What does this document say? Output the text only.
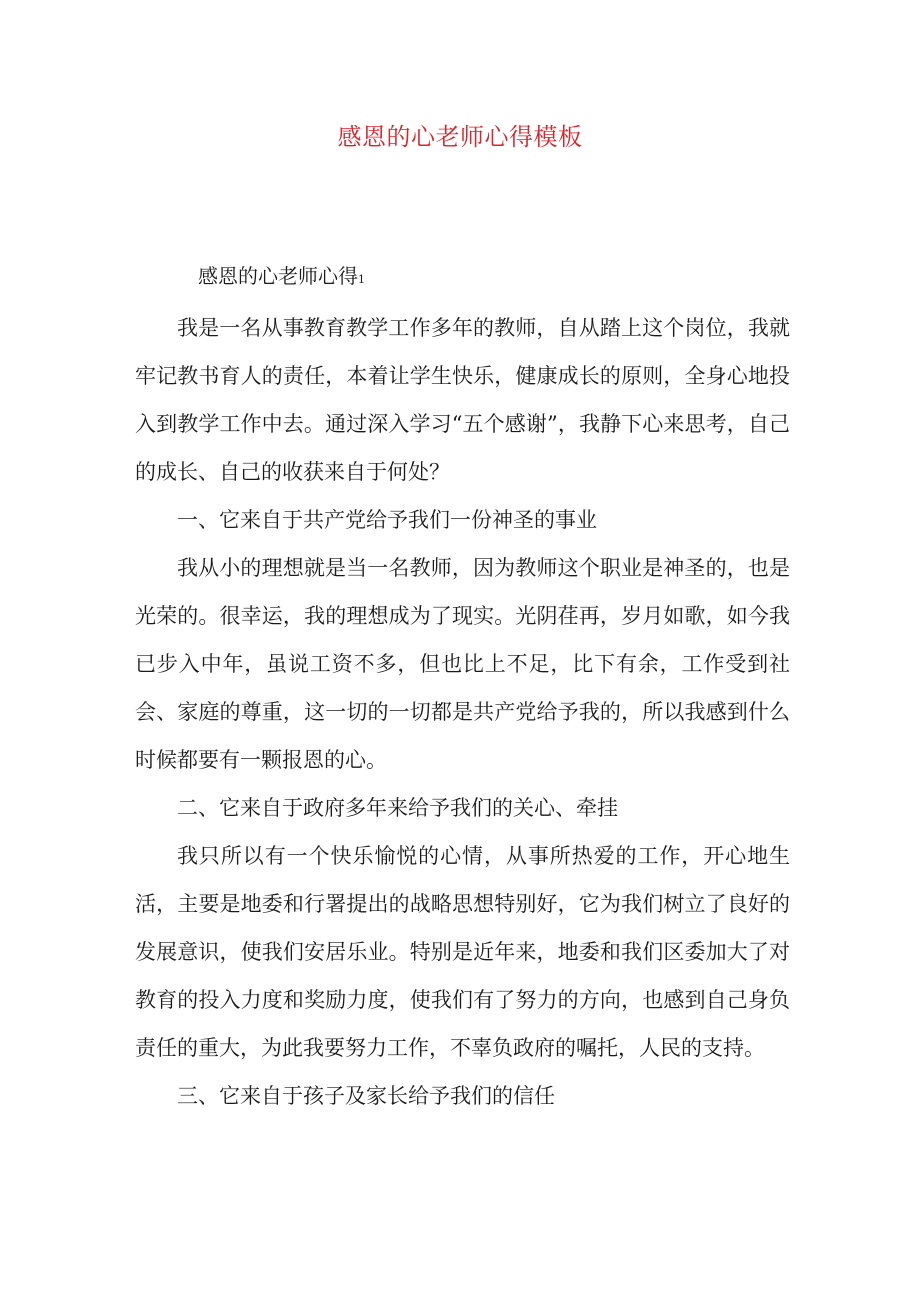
感恩的心老师心得模板

感恩的心老师心得1

我是一名从事教育教学工作多年的教师，自从踏上这个岗位，我就牢记教书育人的责任，本着让学生快乐，健康成长的原则，全身心地投入到教学工作中去。通过深入学习“五个感谢”，我静下心来思考，自己的成长、自己的收获来自于何处？

一、它来自于共产党给予我们一份神圣的事业

我从小的理想就是当一名教师，因为教师这个职业是神圣的，也是光荣的。很幸运，我的理想成为了现实。光阴荏再，岁月如歌，如今我已步入中年，虽说工资不多，但也比上不足，比下有余，工作受到社会、家庭的尊重，这一切的一切都是共产党给予我的，所以我感到什么时候都要有一颗报恩的心。

二、它来自于政府多年来给予我们的关心、牵挂

我只所以有一个快乐愉悦的心情，从事所热爱的工作，开心地生活，主要是地委和行署提出的战略思想特别好，它为我们树立了良好的发展意识，使我们安居乐业。特别是近年来，地委和我们区委加大了对教育的投入力度和奖励力度，使我们有了努力的方向，也感到自己身负责任的重大，为此我要努力工作，不辜负政府的嘱托，人民的支持。

三、它来自于孩子及家长给予我们的信任
